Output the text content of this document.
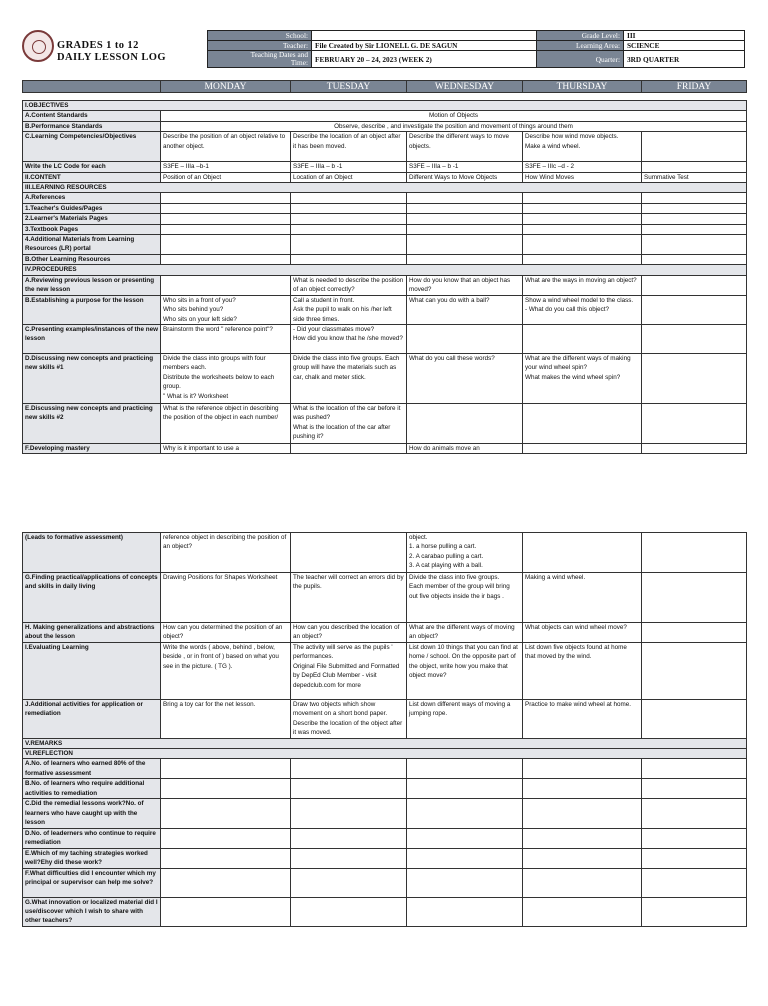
GRADES 1 to 12
DAILY LESSON LOG
School:		Grade Level:	III
Teacher:	File Created by Sir LIONELL G. DE SAGUN	Learning Area:	SCIENCE

Teaching Dates and
Time:	FEBRUARY 20 – 24, 2023 (WEEK 2)	Quarter:	3RD QUARTER
	MONDAY	TUESDAY	WEDNESDAY	THURSDAY	FRIDAY
I.OBJECTIVES					
A.Content Standards	Motion of Objects				
B.Performance Standards	Observe, describe , and investigate the position and movement of things around them				
C.Learning Competencies/Objectives	Describe the position of an object relative to another object.	Describe the location of an object after it has been moved.	Describe the different ways to move objects.	Describe how wind move objects.
Make a wind wheel.	
Write the LC Code for each	S3FE – IIIa –b-1	S3FE – IIIa – b -1	S3FE – IIIa – b -1	S3FE – IIIc –d - 2	
II.CONTENT	Position of an Object	Location of an Object	Different Ways to Move Objects	How Wind Moves	Summative Test
III.LEARNING RESOURCES					
A.References					
1.Teacher's Guides/Pages					
2.Learner's Materials Pages					
3.Textbook Pages					
4.Additional Materials from Learning Resources (LR) portal					
B.Other Learning Resources					
IV.PROCEDURES					
A.Reviewing previous lesson or presenting the new lesson		What is needed to describe the position of an object correctly?	How do you know that an object has moved?	What are the ways in moving an object?	
B.Establishing a purpose for the lesson	Who sits in a front of you?
Who sits behind you?
Who sits on your left side?	Call a student in front.
Ask the pupil to walk on his /her left side three times.	What can you do with a ball?	Show a wind wheel model to the class.
- What do you call this object?	
C.Presenting examples/instances of the new lesson	Brainstorm the word " reference point"?	- Did your classmates move?
How did you know that he /she moved?			
D.Discussing new concepts and practicing new skills #1	Divide the class into groups with four members each.
Distribute the worksheets below to each group.
" What is it? Worksheet	Divide the class into five groups. Each group will have the materials such as car, chalk and meter stick.	What do you call these words?	What are the different ways of making your wind wheel spin?
What makes the wind wheel spin?	
E.Discussing new concepts and practicing new skills #2	What is the reference object in describing the position of the object in each number/	What is the location of the car before it was pushed?
What is the location of the car after pushing it?			
F.Developing mastery	Why is it important to use a		How do animals move an		
(Leads to formative assessment)	reference object in describing the position of an object?		object.
1. a horse pulling a cart.
2. A carabao pulling a cart.
3. A cat playing with a ball.		
G.Finding practical/applications of concepts and skills in daily living	Drawing Positions for Shapes Worksheet	The teacher will correct an errors did by the pupils.	Divide the class into five groups.
Each member of the group will bring out five objects inside the ir bags .	Making a wind wheel.	
H. Making generalizations and abstractions about the lesson	How can you determined the position of an object?	How can you described the location of an object?	What are the different ways of moving an object?	What objects can wind wheel move?	
I.Evaluating Learning	Write the words ( above, behind , below, beside , or in front of ) based on what you see in the picture. ( TG ).	The activity will serve as the pupils ' performances.
Original File Submitted and Formatted by DepEd Club Member - visit depedclub.com for more	List down 10 things that you can find at home / school. On the opposite part of the object, write how you make that object move?	List down five objects found at home that moved by the wind.	
J.Additional activities for application or remediation	Bring a toy car for the net lesson.	Draw two objects which show movement on a short bond paper. Describe the location of the object after it was moved.	List down different ways of moving a jumping rope.	Practice to make wind wheel at home.	
V.REMARKS					
VI.REFLECTION					
A.No. of learners who earned 80% of the formative assessment					
B.No. of learners who require additional activities to remediation					
C.Did the remedial lessons work?No. of learners who have caught up with the lesson					
D.No. of leaderners who continue to require remediation					
E.Which of my taching strategies worked well?Ehy did these work?					
F.What difficulties did I encounter which my principal or supervisor can help me solve?					
G.What innovation or localized material did I use/discover which I wish to share with other teachers?					
